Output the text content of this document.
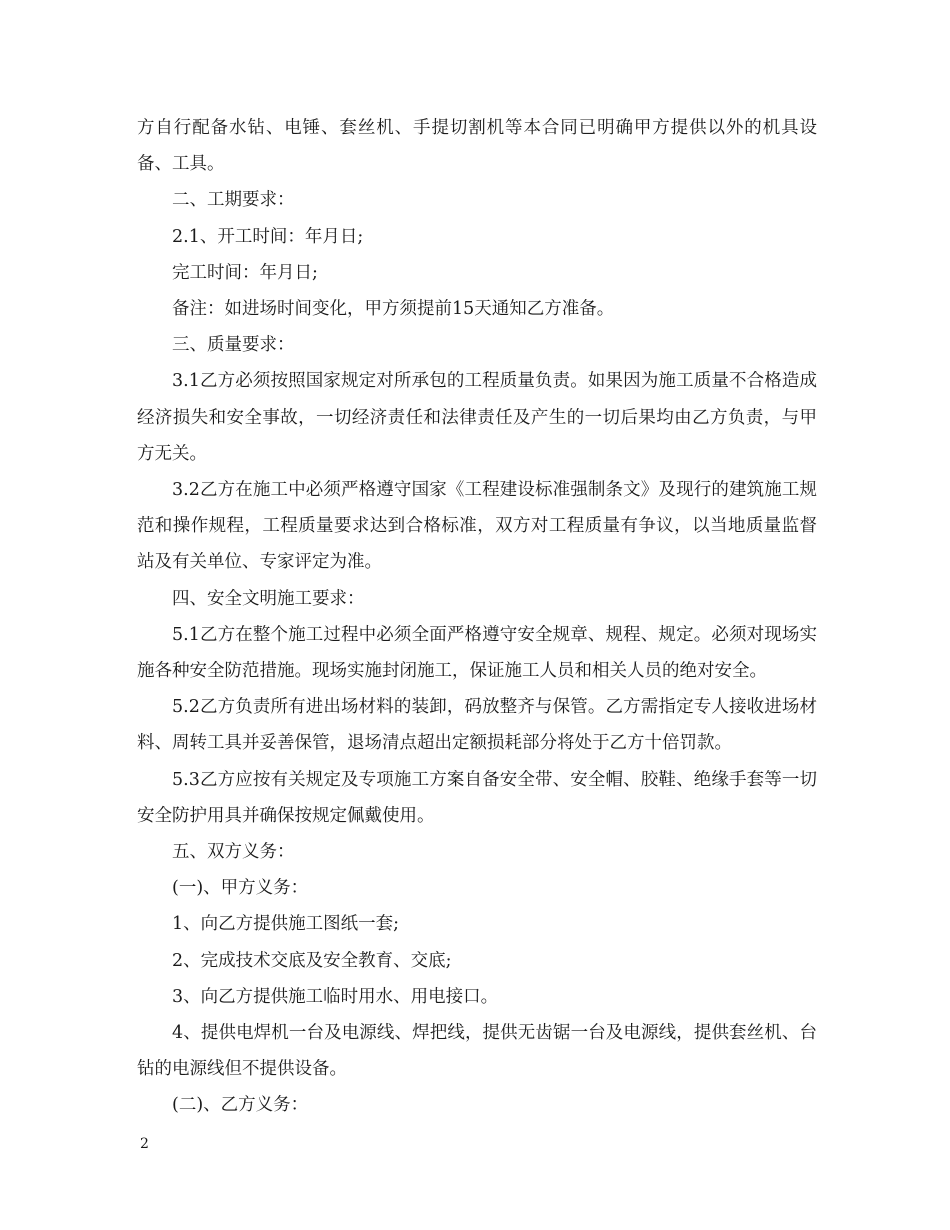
方自行配备水钻、电锤、套丝机、手提切割机等本合同已明确甲方提供以外的机具设备、工具。

二、工期要求：

2.1、开工时间：年月日;

完工时间：年月日;

备注：如进场时间变化，甲方须提前15天通知乙方准备。

三、质量要求：

3.1乙方必须按照国家规定对所承包的工程质量负责。如果因为施工质量不合格造成经济损失和安全事故，一切经济责任和法律责任及产生的一切后果均由乙方负责，与甲方无关。

3.2乙方在施工中必须严格遵守国家《工程建设标准强制条文》及现行的建筑施工规范和操作规程，工程质量要求达到合格标准，双方对工程质量有争议，以当地质量监督站及有关单位、专家评定为准。

四、安全文明施工要求：

5.1乙方在整个施工过程中必须全面严格遵守安全规章、规程、规定。必须对现场实施各种安全防范措施。现场实施封闭施工，保证施工人员和相关人员的绝对安全。

5.2乙方负责所有进出场材料的装卸，码放整齐与保管。乙方需指定专人接收进场材料、周转工具并妥善保管，退场清点超出定额损耗部分将处于乙方十倍罚款。

5.3乙方应按有关规定及专项施工方案自备安全带、安全帽、胶鞋、绝缘手套等一切安全防护用具并确保按规定佩戴使用。

五、双方义务：

(一)、甲方义务：

1、向乙方提供施工图纸一套;

2、完成技术交底及安全教育、交底;

3、向乙方提供施工临时用水、用电接口。

4、提供电焊机一台及电源线、焊把线，提供无齿锯一台及电源线，提供套丝机、台钻的电源线但不提供设备。

(二)、乙方义务：

2
